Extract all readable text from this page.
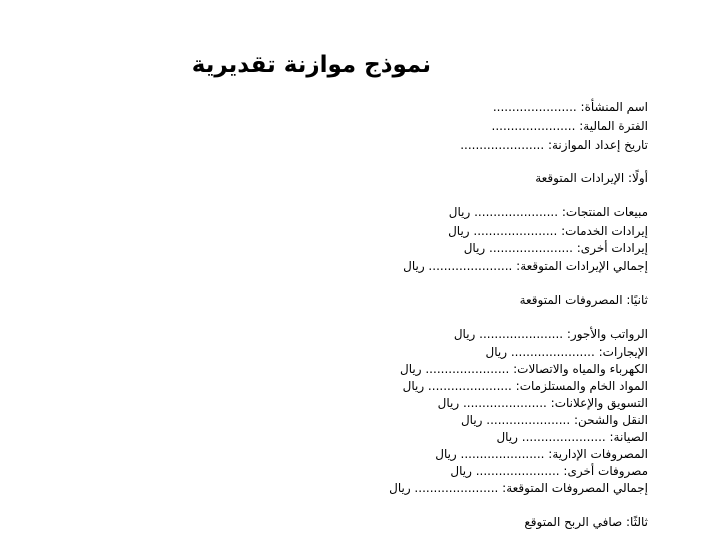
نموذج موازنة تقديرية
اسم المنشأة: ......................
الفترة المالية: ......................
تاريخ إعداد الموازنة: ......................
أولًا: الإيرادات المتوقعة
مبيعات المنتجات: ...................... ريال
إيرادات الخدمات: ...................... ريال
إيرادات أخرى: ...................... ريال
إجمالي الإيرادات المتوقعة: ...................... ريال
ثانيًا: المصروفات المتوقعة
الرواتب والأجور: ...................... ريال
الإيجارات: ...................... ريال
الكهرباء والمياه والاتصالات: ...................... ريال
المواد الخام والمستلزمات: ...................... ريال
التسويق والإعلانات: ...................... ريال
النقل والشحن: ...................... ريال
الصيانة: ...................... ريال
المصروفات الإدارية: ...................... ريال
مصروفات أخرى: ...................... ريال
إجمالي المصروفات المتوقعة: ...................... ريال
ثالثًا: صافي الربح المتوقع
